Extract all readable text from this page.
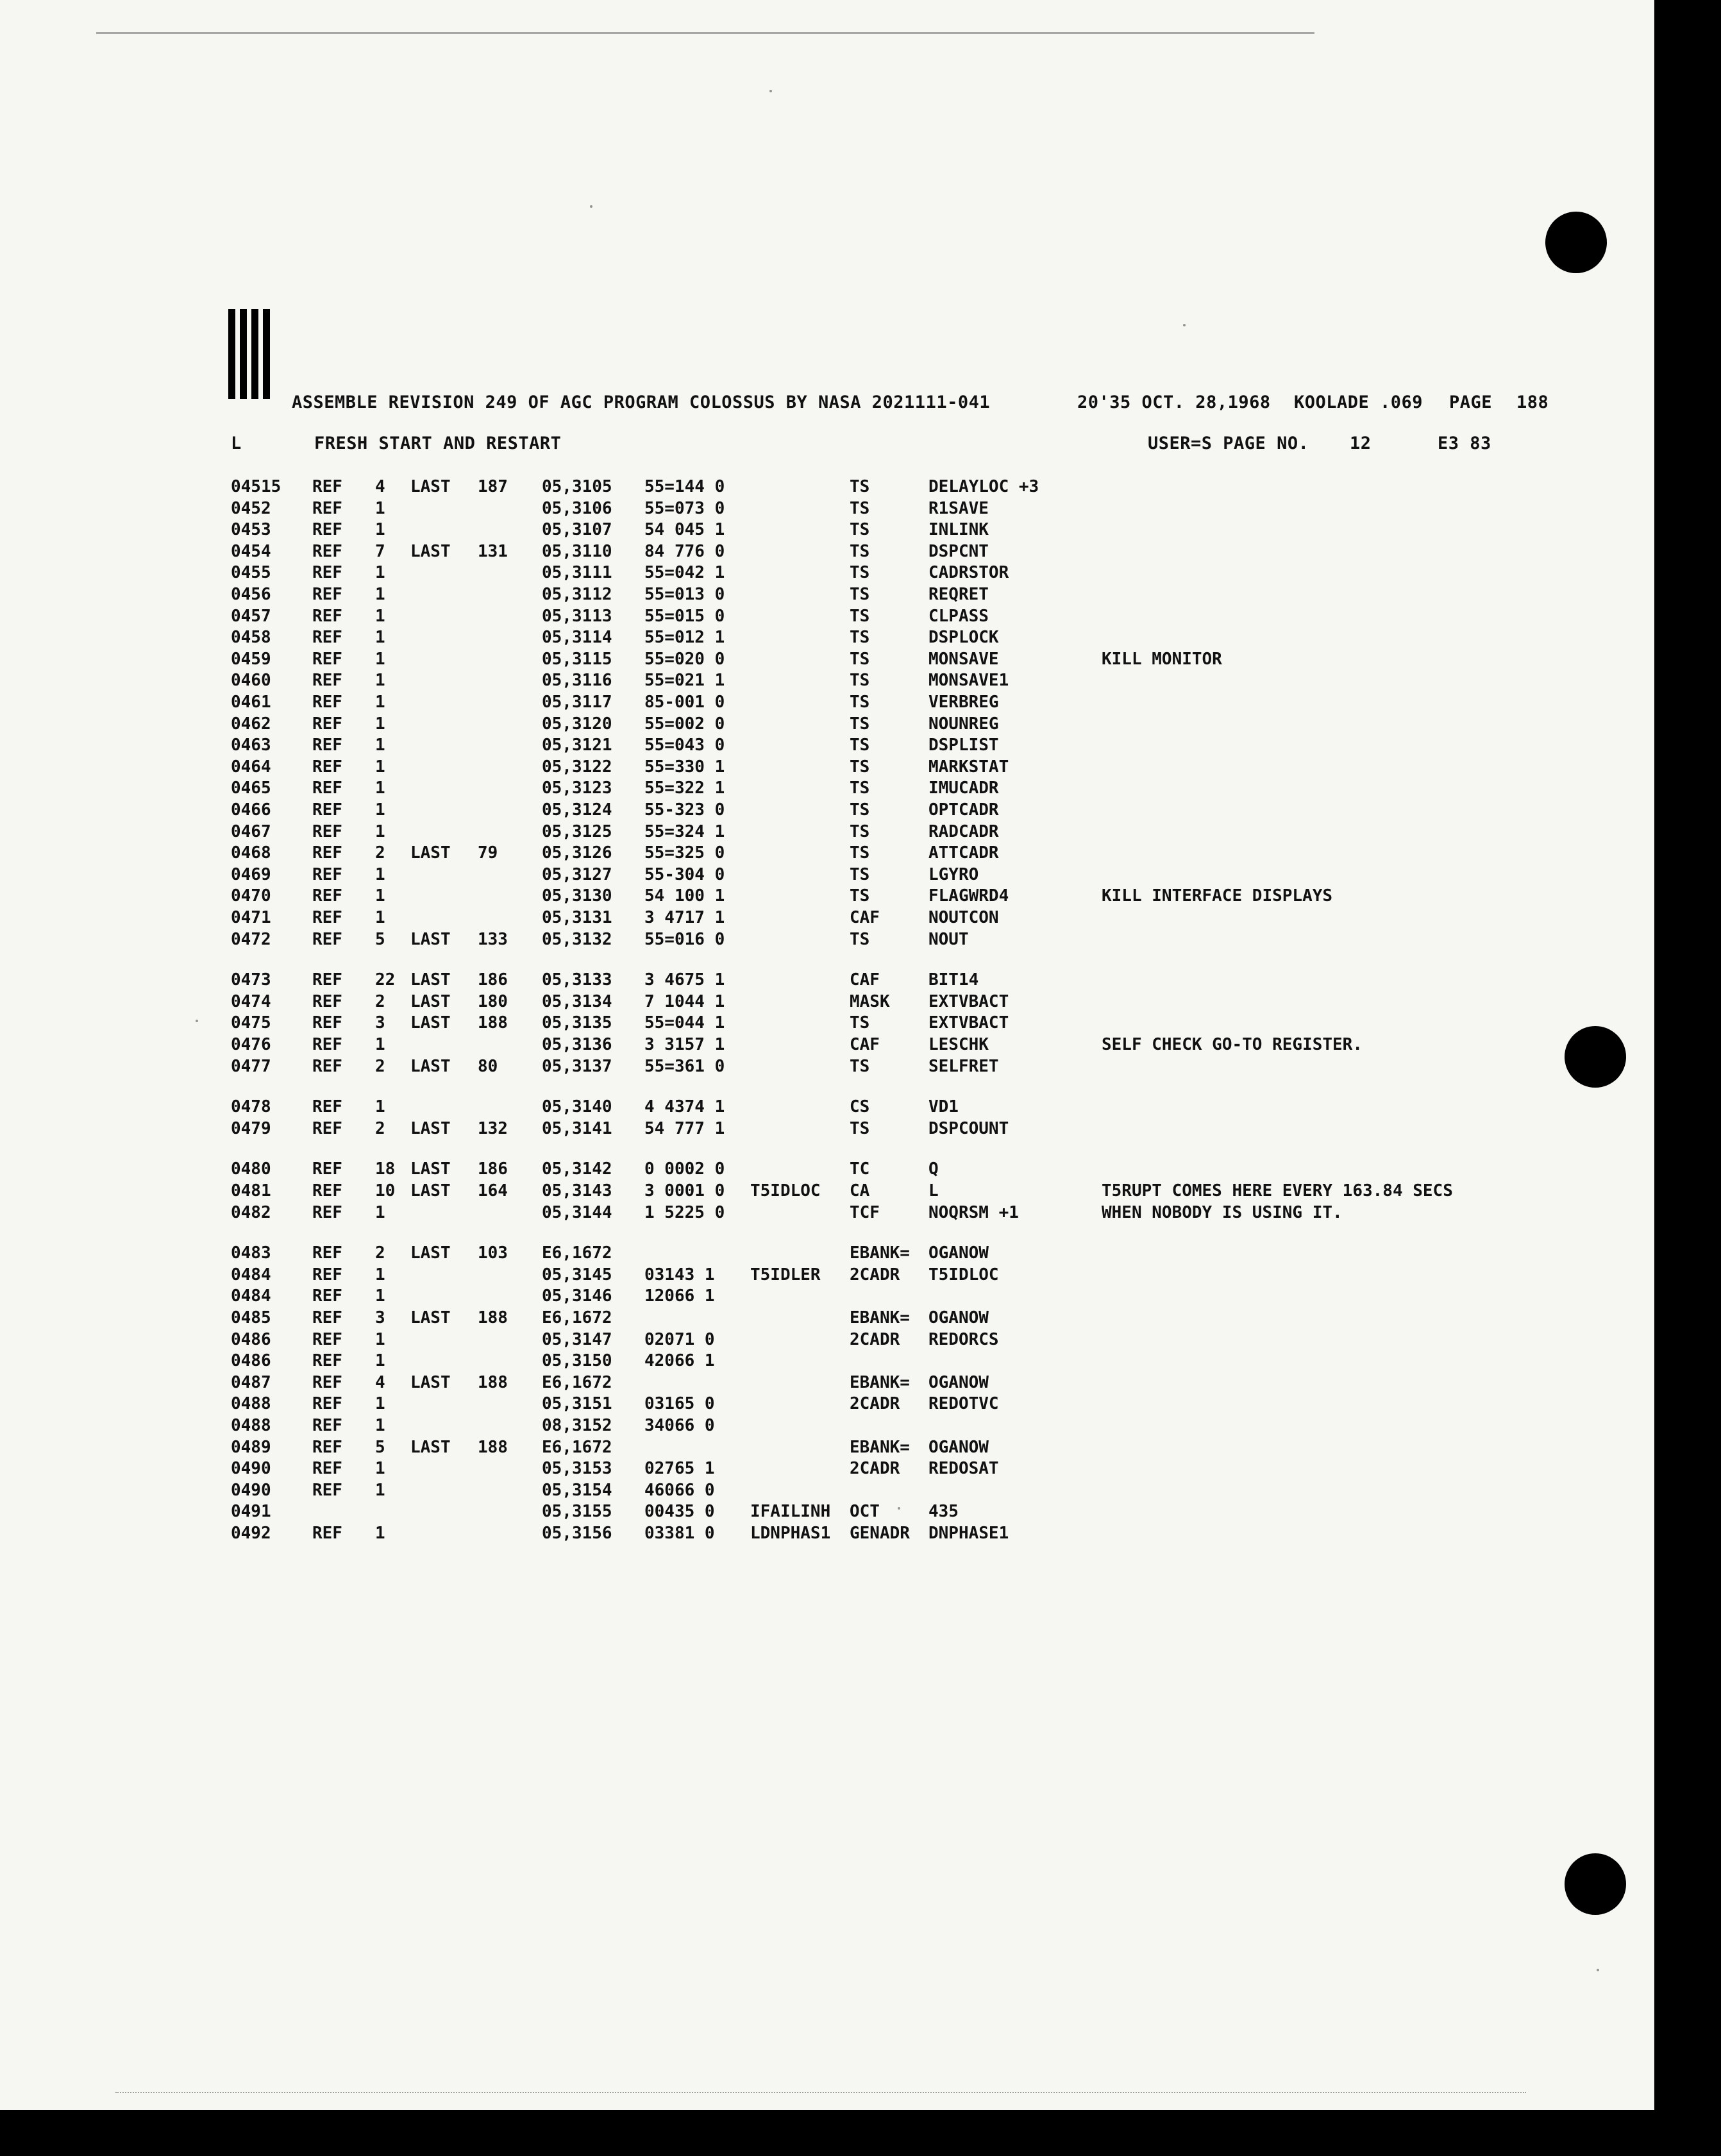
ASSEMBLE REVISION 249 OF AGC PROGRAM COLOSSUS BY NASA 2021111-041	20'35 OCT. 28,1968 KOOLADE .069 PAGE 188
L	FRESH START AND RESTART	USER=S PAGE NO. 12	E3 83
04515 REF 4 LAST 187 05,3105 55=144 0	TS	DELAYLOC +3
0452 REF 1	05,3106 55=073 0	TS	R1SAVE
0453 REF 1	05,3107 54 045 1	TS	INLINK
0454 REF 7 LAST 131 05,3110 84 776 0	TS	DSPCNT
0455 REF 1	05,3111 55=042 1	TS	CADRSTOR
0456 REF 1	05,3112 55=013 0	TS	REQRET
0457 REF 1	05,3113 55=015 0	TS	CLPASS
0458 REF 1	05,3114 55=012 1	TS	DSPLOCK
0459 REF 1	05,3115 55=020 0	TS	MONSAVE	KILL MONITOR
0460 REF 1	05,3116 55=021 1	TS	MONSAVE1
0461 REF 1	05,3117 85-001 0	TS	VERBREG
0462 REF 1	05,3120 55=002 0	TS	NOUNREG
0463 REF 1	05,3121 55=043 0	TS	DSPLIST
0464 REF 1	05,3122 55=330 1	TS	MARKSTAT
0465 REF 1	05,3123 55=322 1	TS	IMUCADR
0466 REF 1	05,3124 55-323 0	TS	OPTCADR
0467 REF 1	05,3125 55=324 1	TS	RADCADR
0468 REF 2 LAST 79	05,3126 55=325 0	TS	ATTCADR
0469 REF 1	05,3127 55-304 0	TS	LGYRO
0470 REF 1	05,3130 54 100 1	TS	FLAGWRD4	KILL INTERFACE DISPLAYS
0471 REF 1	05,3131 3 4717 1	CAF	NOUTCON
0472 REF 5 LAST 133 05,3132 55=016 0	TS	NOUT
0473 REF 22 LAST 186 05,3133 3 4675 1	CAF	BIT14
0474 REF 2 LAST 180 05,3134 7 1044 1	MASK EXTVBACT
0475 REF 3 LAST 188 05,3135 55=044 1	TS	EXTVBACT
0476 REF 1	05,3136 3 3157 1	CAF	LESCHK	SELF CHECK GO-TO REGISTER.
0477 REF 2 LAST 80	05,3137 55=361 0	TS	SELFRET
0478 REF 1	05,3140 4 4374 1	CS	VD1
0479 REF 2 LAST 132 05,3141 54 777 1	TS	DSPCOUNT
0480 REF 18 LAST 186 05,3142 0 0002 0	TC	Q
0481 REF 10 LAST 164 05,3143 3 0001 0 T5IDLOC CA	L	T5RUPT COMES HERE EVERY 163.84 SECS
0482 REF 1	05,3144 1 5225 0	TCF	NOQRSM +1	WHEN NOBODY IS USING IT.
0483 REF 2 LAST 103 E6,1672	EBANK= OGANOW
0484 REF 1	05,3145 03143 1 T5IDLER 2CADR T5IDLOC
0484 REF 1	05,3146 12066 1
0485 REF 3 LAST 188 E6,1672	EBANK= OGANOW
0486 REF 1	05,3147 02071 0	2CADR REDORCS
0486 REF 1	05,3150 42066 1
0487 REF 4 LAST 188 E6,1672	EBANK= OGANOW
0488 REF 1	05,3151 03165 0	2CADR REDOTVC
0488 REF 1	08,3152 34066 0
0489 REF 5 LAST 188 E6,1672	EBANK= OGANOW
0490 REF 1	05,3153 02765 1	2CADR REDOSAT
0490 REF 1	05,3154 46066 0
0491	05,3155 00435 0 IFAILINH OCT	435
0492 REF 1	05,3156 03381 0 LDNPHAS1 GENADR DNPHASE1
